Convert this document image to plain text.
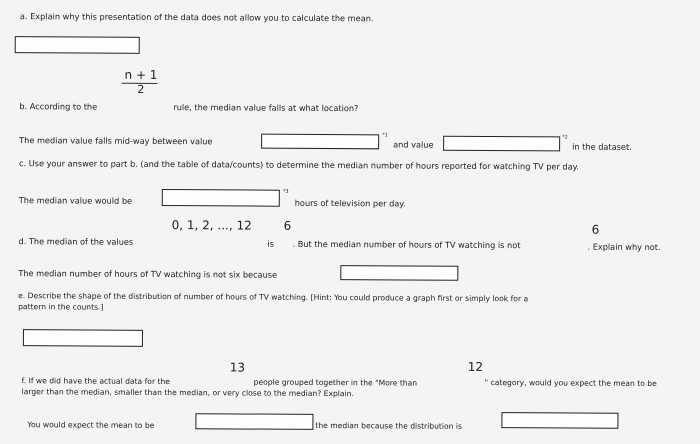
a. Explain why this presentation of the data does not allow you to calculate the mean.
n + 1
2
b. According to the	rule, the median value falls at what location?
The median value falls mid-way between value	*1
and value
*2
in the dataset.
c. Use your answer to part b. (and the table of data/counts) to determine the median number of hours reported for watching TV per day.
The median value would be
*3
hours of television per day.
0, 1, 2, ..., 12	6	6
d. The median of the values	is . But the median number of hours of TV watching is not	. Explain why not.
The median number of hours of TV watching is not six because
e. Describe the shape of the distribution of number of hours of TV watching. [Hint: You could produce a graph first or simply look for a
pattern in the counts.]
13	12
f. If we did have the actual data for the	people grouped together in the "More than	" category, would you expect the mean to be
larger than the median, smaller than the median, or very close to the median? Explain.
You would expect the mean to be	the median because the distribution is
